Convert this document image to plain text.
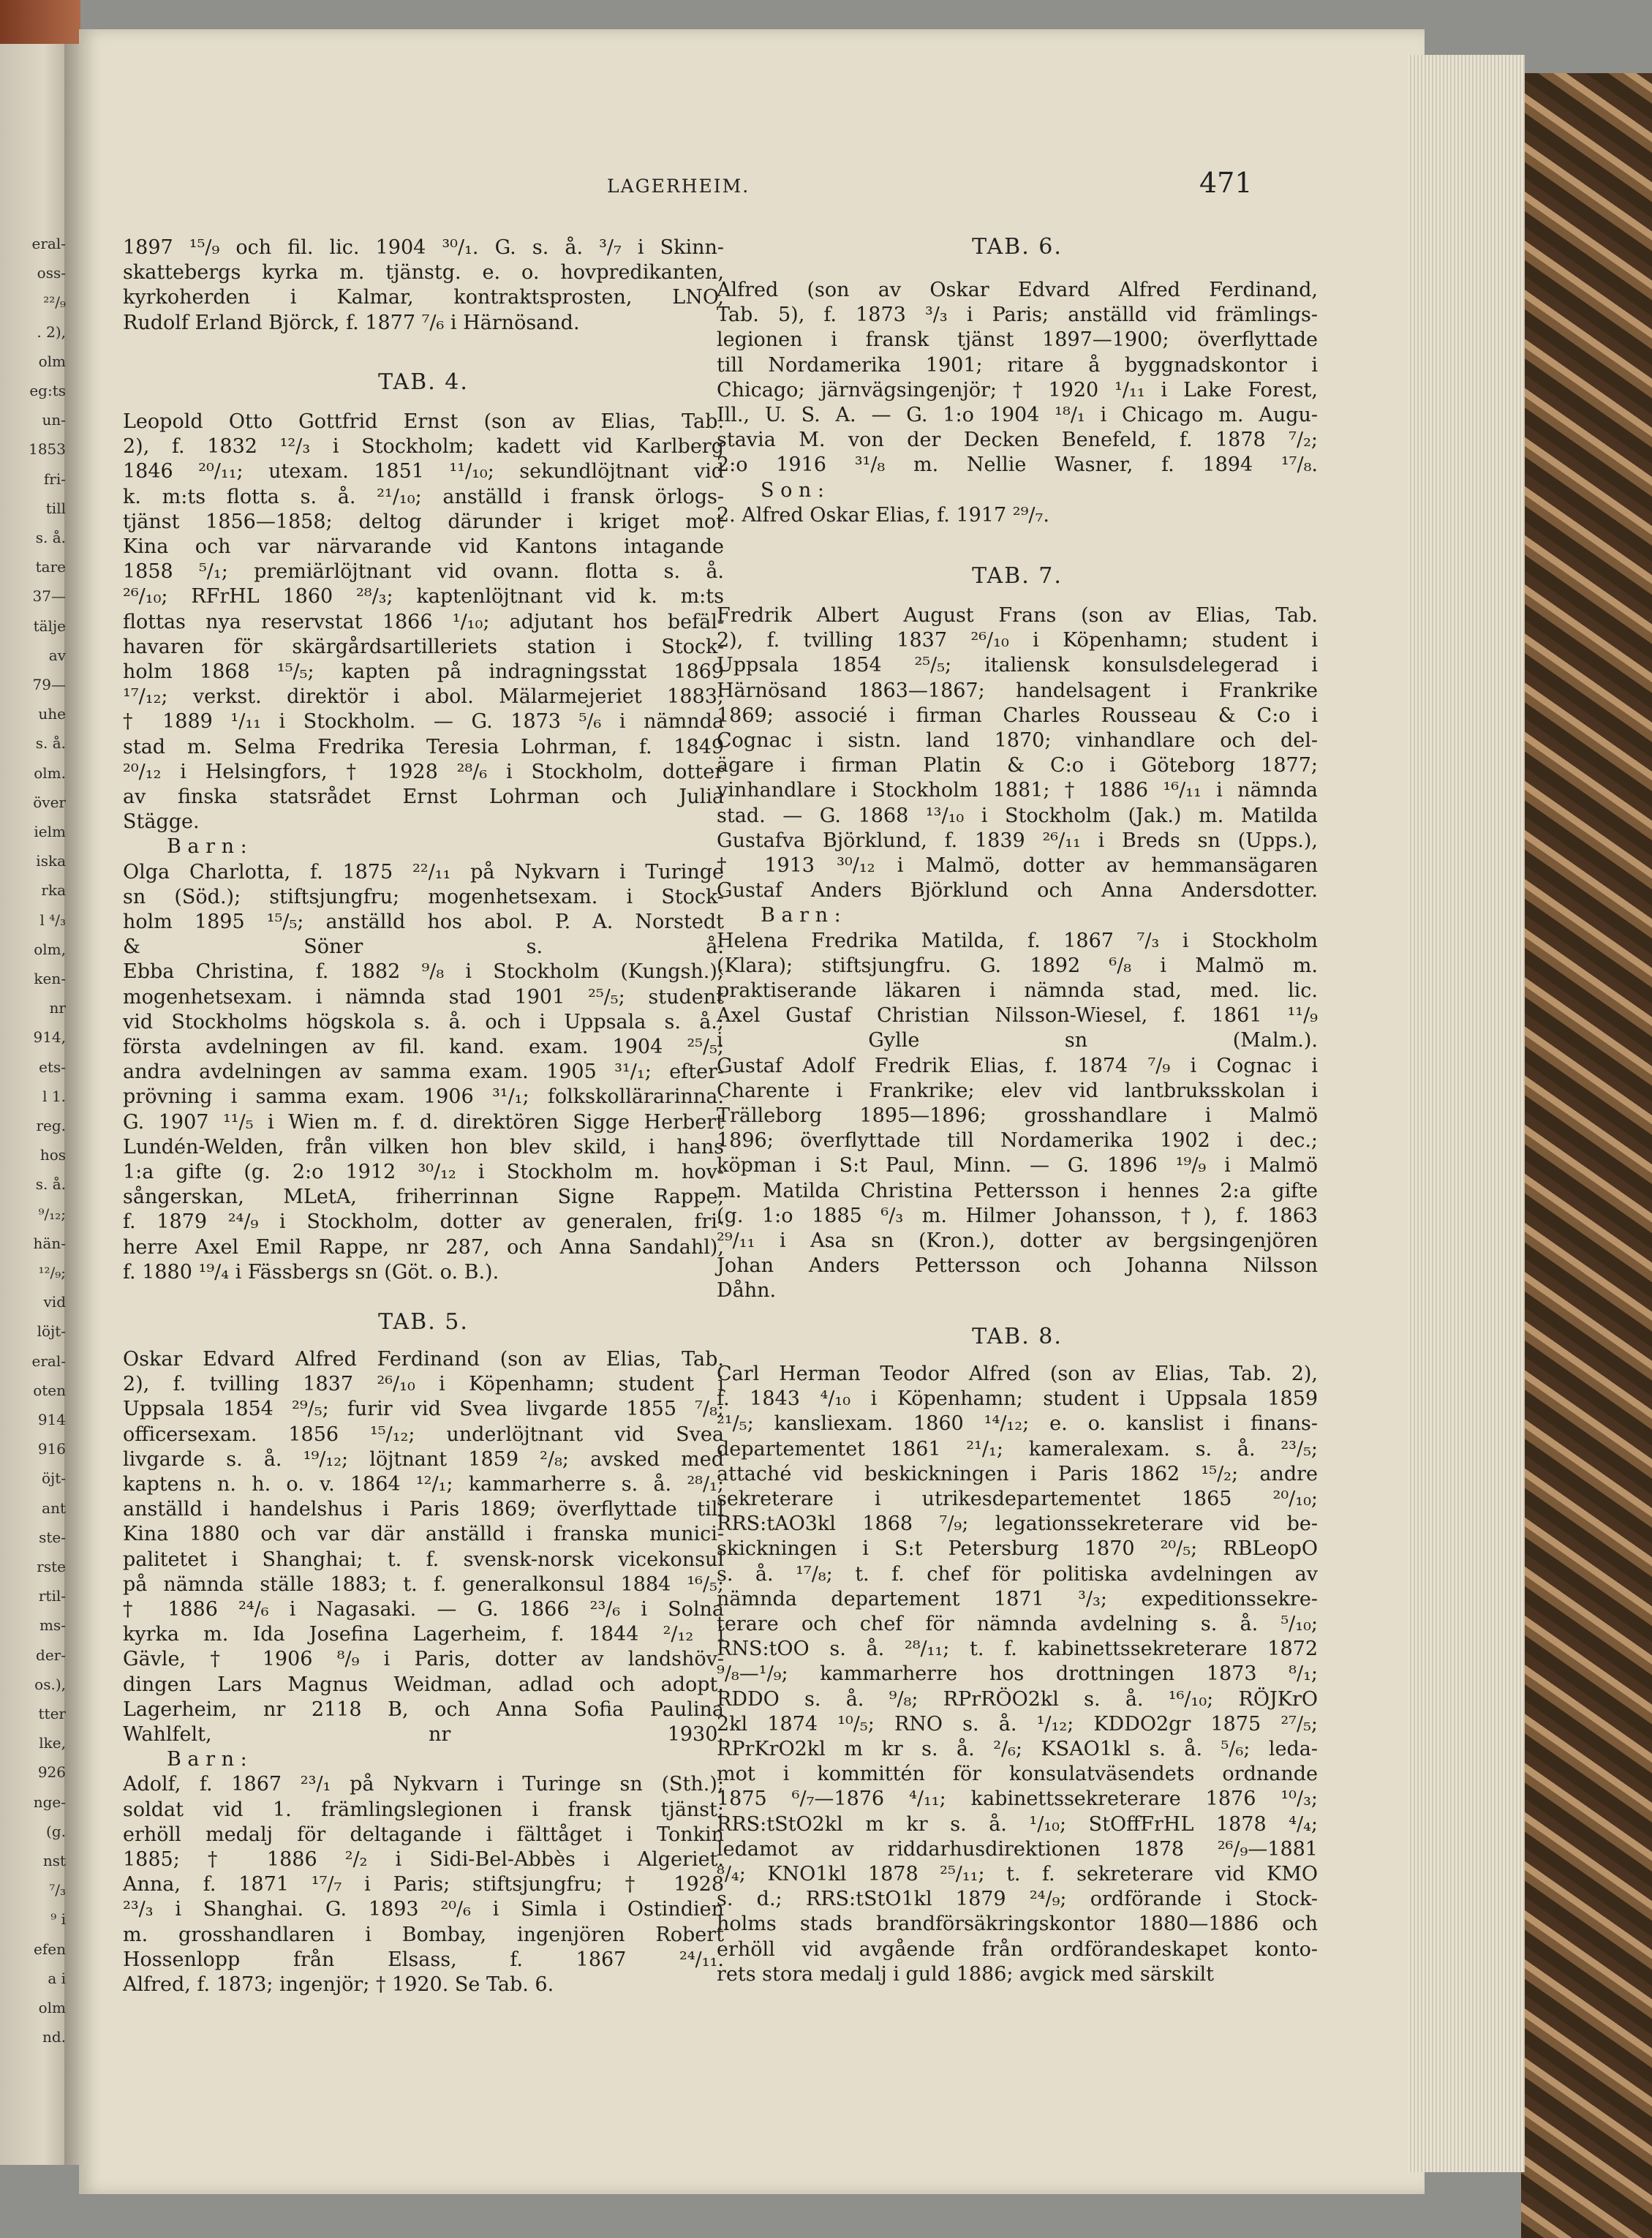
eral-
oss-
²²/₉
. 2),
olm
eg:ts
un-
1853
fri-
till
s. å.
tare
37—
tälje
av
79—
uhe
s. å.
olm.
över
ielm
iska
rka
l ⁴/₃
olm,
ken-
nr
914,
ets-
l 1.
reg.
hos
s. å.
⁹/₁₂;
hän-
¹²/₉;
vid
löjt-
eral-
oten
914
916
öjt-
ant
ste-
rste
rtil-
ms-
der-
os.),
tter
lke,
926
nge-
(g.
nst
⁷/₃
⁹ i
efen
a i
olm
nd.
LAGERHEIM.	471
1897 ¹⁵/₉ och fil. lic. 1904 ³⁰/₁. G. s. å. ³/₇ i Skinn-
skattebergs kyrka m. tjänstg. e. o. hovpredikanten,
kyrkoherden i Kalmar, kontraktsprosten, LNO,
Rudolf Erland Björck, f. 1877 ⁷/₆ i Härnösand.
TAB. 4.
Leopold Otto Gottfrid Ernst (son av Elias, Tab.
2), f. 1832 ¹²/₃ i Stockholm; kadett vid Karlberg
1846 ²⁰/₁₁; utexam. 1851 ¹¹/₁₀; sekundlöjtnant vid
k. m:ts flotta s. å. ²¹/₁₀; anställd i fransk örlogs-
tjänst 1856—1858; deltog därunder i kriget mot
Kina och var närvarande vid Kantons intagande
1858 ⁵/₁; premiärlöjtnant vid ovann. flotta s. å.
²⁶/₁₀; RFrHL 1860 ²⁸/₃; kaptenlöjtnant vid k. m:ts
flottas nya reservstat 1866 ¹/₁₀; adjutant hos befäl-
havaren för skärgårdsartilleriets station i Stock-
holm 1868 ¹⁵/₅; kapten på indragningsstat 1869
¹⁷/₁₂; verkst. direktör i abol. Mälarmejeriet 1883;
† 1889 ¹/₁₁ i Stockholm. — G. 1873 ⁵/₆ i nämnda
stad m. Selma Fredrika Teresia Lohrman, f. 1849
²⁰/₁₂ i Helsingfors, † 1928 ²⁸/₆ i Stockholm, dotter
av finska statsrådet Ernst Lohrman och Julia
Stägge.
B a r n :
Olga Charlotta, f. 1875 ²²/₁₁ på Nykvarn i Turinge
sn (Söd.); stiftsjungfru; mogenhetsexam. i Stock-
holm 1895 ¹⁵/₅; anställd hos abol. P. A. Norstedt
& Söner s. å.
Ebba Christina, f. 1882 ⁹/₈ i Stockholm (Kungsh.);
mogenhetsexam. i nämnda stad 1901 ²⁵/₅; student
vid Stockholms högskola s. å. och i Uppsala s. å.;
första avdelningen av fil. kand. exam. 1904 ²⁵/₅;
andra avdelningen av samma exam. 1905 ³¹/₁; efter-
prövning i samma exam. 1906 ³¹/₁; folkskollärarinna.
G. 1907 ¹¹/₅ i Wien m. f. d. direktören Sigge Herbert
Lundén-Welden, från vilken hon blev skild, i hans
1:a gifte (g. 2:o 1912 ³⁰/₁₂ i Stockholm m. hov-
sångerskan, MLetA, friherrinnan Signe Rappe,
f. 1879 ²⁴/₉ i Stockholm, dotter av generalen, fri-
herre Axel Emil Rappe, nr 287, och Anna Sandahl),
f. 1880 ¹⁹/₄ i Fässbergs sn (Göt. o. B.).
TAB. 5.
Oskar Edvard Alfred Ferdinand (son av Elias, Tab.
2), f. tvilling 1837 ²⁶/₁₀ i Köpenhamn; student i
Uppsala 1854 ²⁹/₅; furir vid Svea livgarde 1855 ⁷/₈;
officersexam. 1856 ¹⁵/₁₂; underlöjtnant vid Svea
livgarde s. å. ¹⁹/₁₂; löjtnant 1859 ²/₈; avsked med
kaptens n. h. o. v. 1864 ¹²/₁; kammarherre s. å. ²⁸/₁;
anställd i handelshus i Paris 1869; överflyttade till
Kina 1880 och var där anställd i franska munici-
palitetet i Shanghai; t. f. svensk-norsk vicekonsul
på nämnda ställe 1883; t. f. generalkonsul 1884 ¹⁶/₅;
† 1886 ²⁴/₆ i Nagasaki. — G. 1866 ²³/₆ i Solna
kyrka m. Ida Josefina Lagerheim, f. 1844 ²/₁₂ i
Gävle, † 1906 ⁸/₉ i Paris, dotter av landshöv-
dingen Lars Magnus Weidman, adlad och adopt.
Lagerheim, nr 2118 B, och Anna Sofia Paulina
Wahlfelt, nr 1930.
B a r n :
Adolf, f. 1867 ²³/₁ på Nykvarn i Turinge sn (Sth.);
soldat vid 1. främlingslegionen i fransk tjänst;
erhöll medalj för deltagande i fälttåget i Tonkin
1885; † 1886 ²/₂ i Sidi-Bel-Abbès i Algeriet.
Anna, f. 1871 ¹⁷/₇ i Paris; stiftsjungfru; † 1928
²³/₃ i Shanghai. G. 1893 ²⁰/₆ i Simla i Ostindien
m. grosshandlaren i Bombay, ingenjören Robert
Hossenlopp från Elsass, f. 1867 ²⁴/₁₁.
Alfred, f. 1873; ingenjör; † 1920. Se Tab. 6.
TAB. 6.
Alfred (son av Oskar Edvard Alfred Ferdinand,
Tab. 5), f. 1873 ³/₃ i Paris; anställd vid främlings-
legionen i fransk tjänst 1897—1900; överflyttade
till Nordamerika 1901; ritare å byggnadskontor i
Chicago; järnvägsingenjör; † 1920 ¹/₁₁ i Lake Forest,
Ill., U. S. A. — G. 1:o 1904 ¹⁸/₁ i Chicago m. Augu-
stavia M. von der Decken Benefeld, f. 1878 ⁷/₂;
2:o 1916 ³¹/₈ m. Nellie Wasner, f. 1894 ¹⁷/₈.
S o n :
2. Alfred Oskar Elias, f. 1917 ²⁹/₇.
TAB. 7.
Fredrik Albert August Frans (son av Elias, Tab.
2), f. tvilling 1837 ²⁶/₁₀ i Köpenhamn; student i
Uppsala 1854 ²⁵/₅; italiensk konsulsdelegerad i
Härnösand 1863—1867; handelsagent i Frankrike
1869; associé i firman Charles Rousseau & C:o i
Cognac i sistn. land 1870; vinhandlare och del-
ägare i firman Platin & C:o i Göteborg 1877;
vinhandlare i Stockholm 1881; † 1886 ¹⁶/₁₁ i nämnda
stad. — G. 1868 ¹³/₁₀ i Stockholm (Jak.) m. Matilda
Gustafva Björklund, f. 1839 ²⁶/₁₁ i Breds sn (Upps.),
† 1913 ³⁰/₁₂ i Malmö, dotter av hemmansägaren
Gustaf Anders Björklund och Anna Andersdotter.
B a r n :
Helena Fredrika Matilda, f. 1867 ⁷/₃ i Stockholm
(Klara); stiftsjungfru. G. 1892 ⁶/₈ i Malmö m.
praktiserande läkaren i nämnda stad, med. lic.
Axel Gustaf Christian Nilsson-Wiesel, f. 1861 ¹¹/₉
i Gylle sn (Malm.).
Gustaf Adolf Fredrik Elias, f. 1874 ⁷/₉ i Cognac i
Charente i Frankrike; elev vid lantbruksskolan i
Trälleborg 1895—1896; grosshandlare i Malmö
1896; överflyttade till Nordamerika 1902 i dec.;
köpman i S:t Paul, Minn. — G. 1896 ¹⁹/₉ i Malmö
m. Matilda Christina Pettersson i hennes 2:a gifte
(g. 1:o 1885 ⁶/₃ m. Hilmer Johansson, †), f. 1863
²⁹/₁₁ i Asa sn (Kron.), dotter av bergsingenjören
Johan Anders Pettersson och Johanna Nilsson
Dåhn.
TAB. 8.
Carl Herman Teodor Alfred (son av Elias, Tab. 2),
f. 1843 ⁴/₁₀ i Köpenhamn; student i Uppsala 1859
²¹/₅; kansliexam. 1860 ¹⁴/₁₂; e. o. kanslist i finans-
departementet 1861 ²¹/₁; kameralexam. s. å. ²³/₅;
attaché vid beskickningen i Paris 1862 ¹⁵/₂; andre
sekreterare i utrikesdepartementet 1865 ²⁰/₁₀;
RRS:tAO3kl 1868 ⁷/₉; legationssekreterare vid be-
skickningen i S:t Petersburg 1870 ²⁰/₅; RBLeopO
s. å. ¹⁷/₈; t. f. chef för politiska avdelningen av
nämnda departement 1871 ³/₃; expeditionssekre-
terare och chef för nämnda avdelning s. å. ⁵/₁₀;
RNS:tOO s. å. ²⁸/₁₁; t. f. kabinettssekreterare 1872
⁹/₈—¹/₉; kammarherre hos drottningen 1873 ⁸/₁;
RDDO s. å. ⁹/₈; RPrRÖO2kl s. å. ¹⁶/₁₀; RÖJKrO
2kl 1874 ¹⁰/₅; RNO s. å. ¹/₁₂; KDDO2gr 1875 ²⁷/₅;
RPrKrO2kl m kr s. å. ²/₆; KSAO1kl s. å. ⁵/₆; leda-
mot i kommittén för konsulatväsendets ordnande
1875 ⁶/₇—1876 ⁴/₁₁; kabinettssekreterare 1876 ¹⁰/₃;
RRS:tStO2kl m kr s. å. ¹/₁₀; StOffFrHL 1878 ⁴/₄;
ledamot av riddarhusdirektionen 1878 ²⁶/₉—1881
⁸/₄; KNO1kl 1878 ²⁵/₁₁; t. f. sekreterare vid KMO
s. d.; RRS:tStO1kl 1879 ²⁴/₉; ordförande i Stock-
holms stads brandförsäkringskontor 1880—1886 och
erhöll vid avgående från ordförandeskapet konto-
rets stora medalj i guld 1886; avgick med särskilt
